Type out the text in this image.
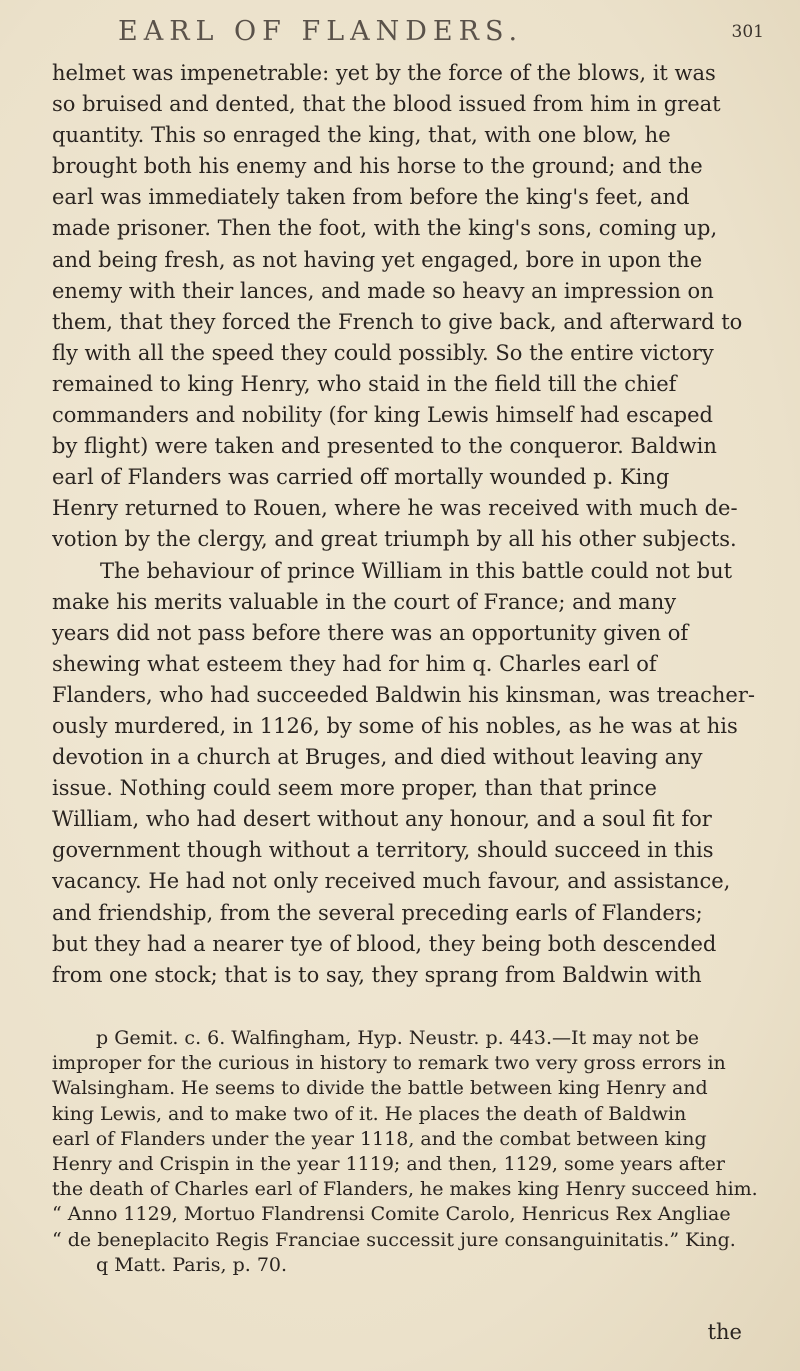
EARL OF FLANDERS.	301
helmet was impenetrable: yet by the force of the blows, it was
so bruised and dented, that the blood issued from him in great
quantity. This so enraged the king, that, with one blow, he
brought both his enemy and his horse to the ground; and the
earl was immediately taken from before the king's feet, and
made prisoner. Then the foot, with the king's sons, coming up,
and being fresh, as not having yet engaged, bore in upon the
enemy with their lances, and made so heavy an impression on
them, that they forced the French to give back, and afterward to
fly with all the speed they could possibly. So the entire victory
remained to king Henry, who staid in the field till the chief
commanders and nobility (for king Lewis himself had escaped
by flight) were taken and presented to the conqueror. Baldwin
earl of Flanders was carried off mortally wounded p. King
Henry returned to Rouen, where he was received with much de-
votion by the clergy, and great triumph by all his other subjects.
The behaviour of prince William in this battle could not but
make his merits valuable in the court of France; and many
years did not pass before there was an opportunity given of
shewing what esteem they had for him q. Charles earl of
Flanders, who had succeeded Baldwin his kinsman, was treacher-
ously murdered, in 1126, by some of his nobles, as he was at his
devotion in a church at Bruges, and died without leaving any
issue. Nothing could seem more proper, than that prince
William, who had desert without any honour, and a soul fit for
government though without a territory, should succeed in this
vacancy. He had not only received much favour, and assistance,
and friendship, from the several preceding earls of Flanders;
but they had a nearer tye of blood, they being both descended
from one stock; that is to say, they sprang from Baldwin with
p Gemit. c. 6. Walfingham, Hyp. Neustr. p. 443.—It may not be
improper for the curious in history to remark two very gross errors in
Walsingham. He seems to divide the battle between king Henry and
king Lewis, and to make two of it. He places the death of Baldwin
earl of Flanders under the year 1118, and the combat between king
Henry and Crispin in the year 1119; and then, 1129, some years after
the death of Charles earl of Flanders, he makes king Henry succeed him.
“ Anno 1129, Mortuo Flandrensi Comite Carolo, Henricus Rex Angliae
“ de beneplacito Regis Franciae successit jure consanguinitatis.” King.
q Matt. Paris, p. 70.
the
